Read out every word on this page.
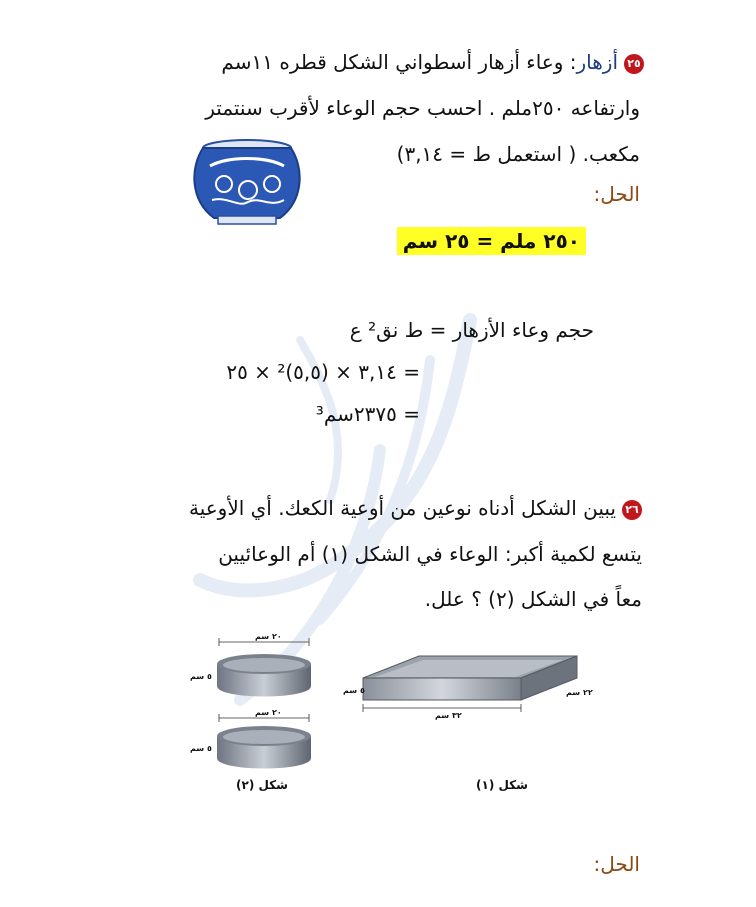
٢٥أزهار: وعاء أزهار أسطواني الشكل قطره ١١سم
وارتفاعه ٢٥٠ملم . احسب حجم الوعاء لأقرب سنتمتر
مكعب. ( استعمل ط = ٣,١٤)
الحل:
٢٥٠ ملم = ٢٥ سم
حجم وعاء الأزهار = ط نق² ع
= ٣,١٤ × (٥,٥)² × ٢٥
= ٢٣٧٥سم³
٢٦يبين الشكل أدناه نوعين من أوعية الكعك. أي الأوعية
يتسع لكمية أكبر: الوعاء في الشكل (١) أم الوعائيين
معاً في الشكل (٢) ؟ علل.
٢٠ سم
٢٠ سم
٥ سم
٥ سم
٥ سم	٢٢ سم
٣٢ سم
شكل (٢)	شكل (١)
الحل:
